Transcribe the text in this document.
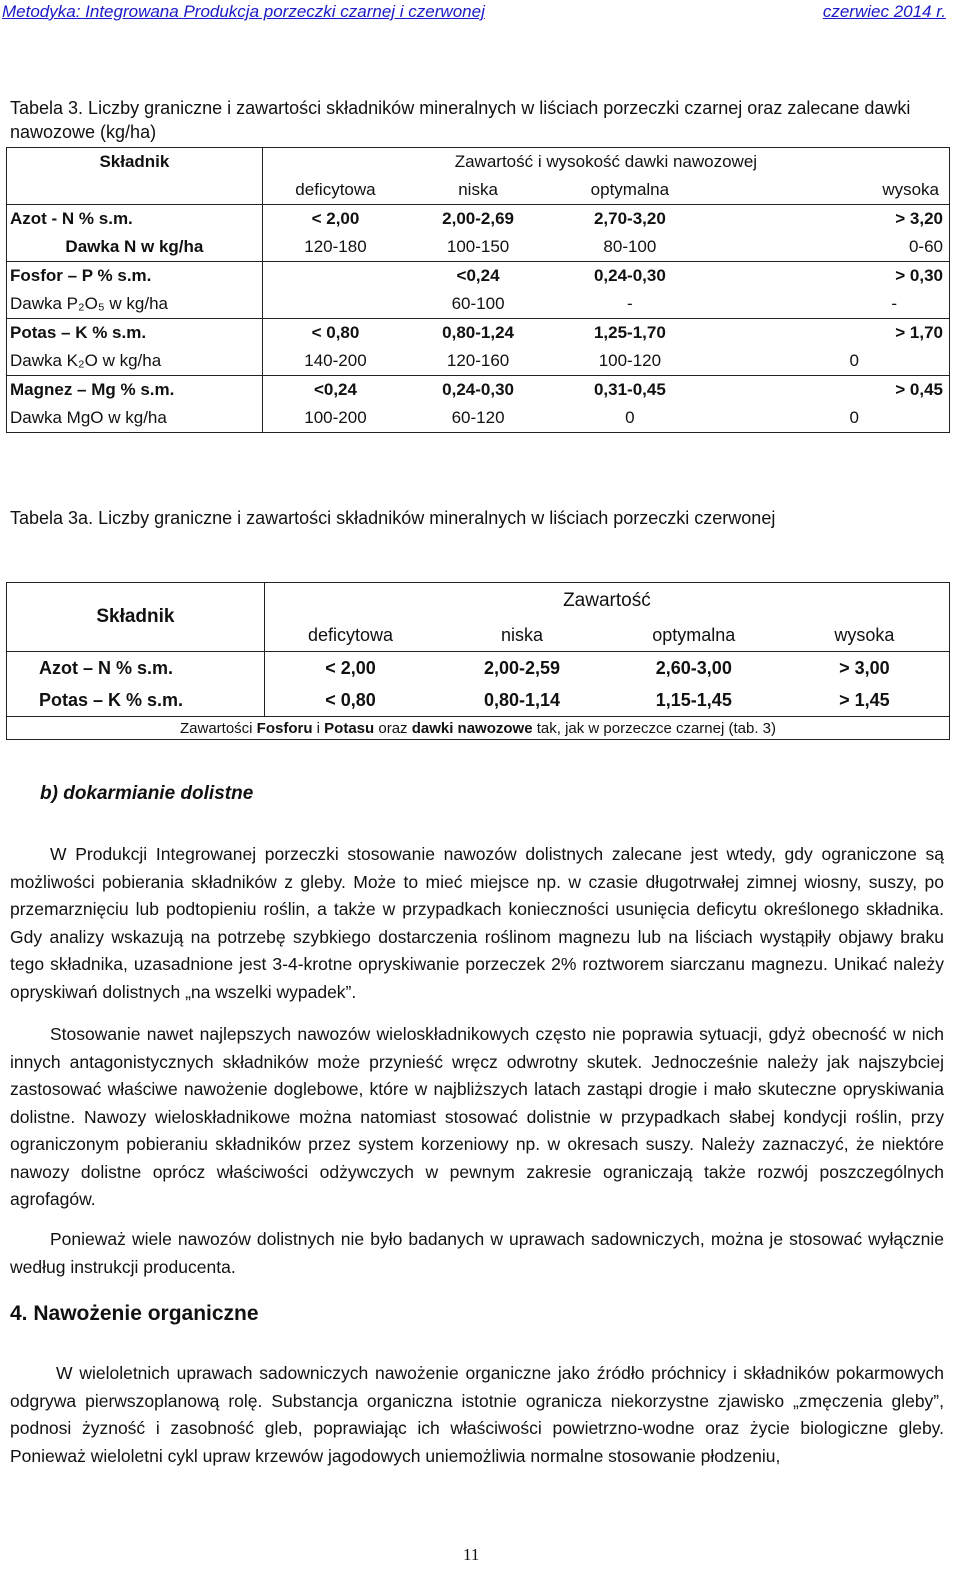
Metodyka: Integrowana Produkcja porzeczki czarnej i czerwonej	czerwiec 2014 r.
Tabela 3. Liczby graniczne i zawartości składników mineralnych w liściach porzeczki czarnej oraz zalecane dawki nawozowe (kg/ha)
Składnik	Zawartość i wysokość dawki nawozowej			
	deficytowa	niska	optymalna	wysoka
Azot - N % s.m.	< 2,00	2,00-2,69	2,70-3,20	> 3,20
Dawka N w kg/ha	120-180	100-150	80-100	0-60
Fosfor – P % s.m.		<0,24	0,24-0,30	> 0,30
Dawka P₂O₅ w kg/ha		60-100	-	-
Potas – K % s.m.	< 0,80	0,80-1,24	1,25-1,70	> 1,70
Dawka K₂O w kg/ha	140-200	120-160	100-120	0
Magnez – Mg % s.m.	<0,24	0,24-0,30	0,31-0,45	> 0,45
Dawka MgO w kg/ha	100-200	60-120	0	0
Tabela 3a. Liczby graniczne i zawartości składników mineralnych w liściach porzeczki czerwonej
Składnik	Zawartość			
	deficytowa	niska	optymalna	wysoka
Azot – N % s.m.	< 2,00	2,00-2,59	2,60-3,00	> 3,00
Potas – K % s.m.	< 0,80	0,80-1,14	1,15-1,45	> 1,45
Zawartości Fosforu i Potasu oraz dawki nawozowe tak, jak w porzeczce czarnej (tab. 3)				
b) dokarmianie dolistne
W Produkcji Integrowanej porzeczki stosowanie nawozów dolistnych zalecane jest wtedy, gdy ograniczone są możliwości pobierania składników z gleby. Może to mieć miejsce np. w czasie długotrwałej zimnej wiosny, suszy, po przemarznięciu lub podtopieniu roślin, a także w przypadkach konieczności usunięcia deficytu określonego składnika. Gdy analizy wskazują na potrzebę szybkiego dostarczenia roślinom magnezu lub na liściach wystąpiły objawy braku tego składnika, uzasadnione jest 3-4-krotne opryskiwanie porzeczek 2% roztworem siarczanu magnezu. Unikać należy opryskiwań dolistnych „na wszelki wypadek”.
Stosowanie nawet najlepszych nawozów wieloskładnikowych często nie poprawia sytuacji, gdyż obecność w nich innych antagonistycznych składników może przynieść wręcz odwrotny skutek. Jednocześnie należy jak najszybciej zastosować właściwe nawożenie doglebowe, które w najbliższych latach zastąpi drogie i mało skuteczne opryskiwania dolistne. Nawozy wieloskładnikowe można natomiast stosować dolistnie w przypadkach słabej kondycji roślin, przy ograniczonym pobieraniu składników przez system korzeniowy np. w okresach suszy. Należy zaznaczyć, że niektóre nawozy dolistne oprócz właściwości odżywczych w pewnym zakresie ograniczają także rozwój poszczególnych agrofagów.
Ponieważ wiele nawozów dolistnych nie było badanych w uprawach sadowniczych, można je stosować wyłącznie według instrukcji producenta.
4. Nawożenie organiczne
W wieloletnich uprawach sadowniczych nawożenie organiczne jako źródło próchnicy i składników pokarmowych odgrywa pierwszoplanową rolę. Substancja organiczna istotnie ogranicza niekorzystne zjawisko „zmęczenia gleby”, podnosi żyzność i zasobność gleb, poprawiając ich właściwości powietrzno-wodne oraz życie biologiczne gleby. Ponieważ wieloletni cykl upraw krzewów jagodowych uniemożliwia normalne stosowanie płodzeniu,
11
